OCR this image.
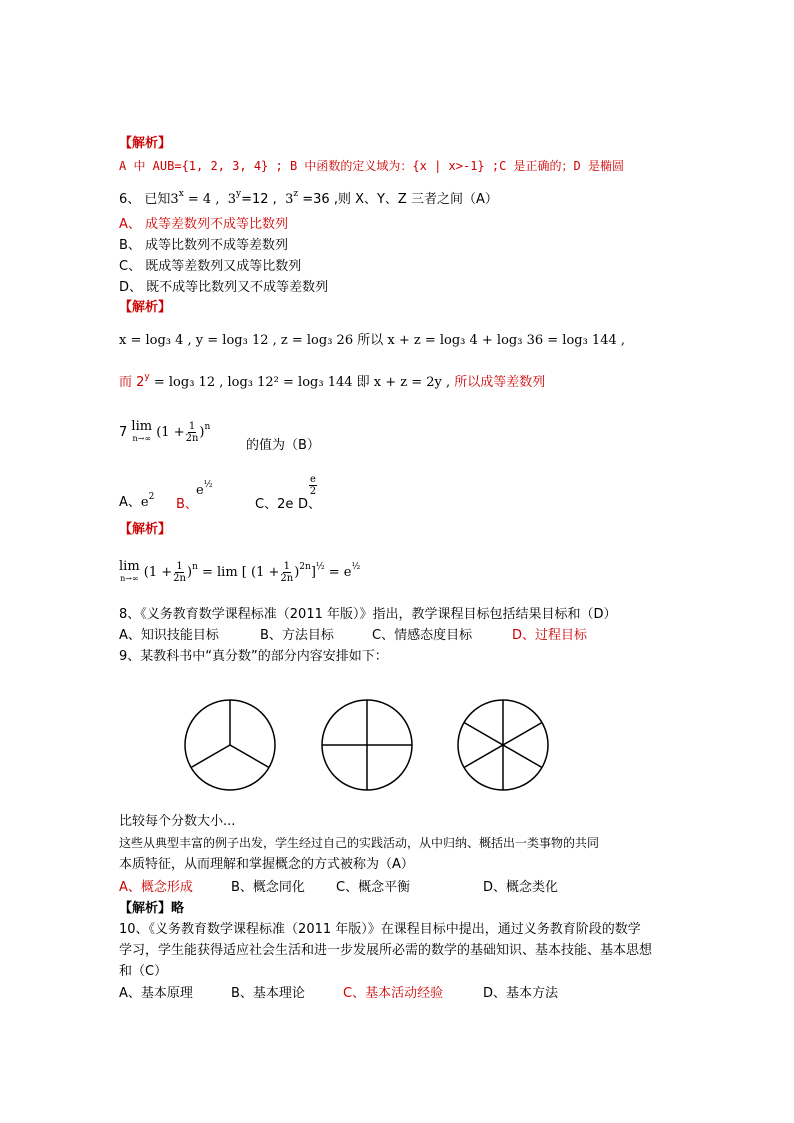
【解析】
A 中 AUB={1, 2, 3, 4} ; B 中函数的定义域为：{x | x>-1} ;C 是正确的；D 是椭圆
6、 已知$3^x = 4$ , $3^y=12$ , $3^z =36$ ,则 X、Y、Z 三者之间（A）
A、 成等差数列不成等比数列
B、 成等比数列不成等差数列
C、 既成等差数列又成等比数列
D、 既不成等比数列又不成等差数列
【解析】
x = log₃ 4 , y = log₃ 12 , z = log₃ 26 所以 x + z = log₃ 4 + log₃ 36 = log₃ 144 ,
而 $2^y = \log_3$ 12 , log₃ 12² = log₃ 144 即 x + z = 2y , 所以成等差数列
7 lim
n→∞ $(1 + \frac{1}{2n} )^n$
的值为（B）
A、$e^2$ B、
$e^{\frac{1}{2}}$
C、2e D、
$\frac{e}{2}$
【解析】
lim
n→∞ $(1 + \frac{1}{2n} )^n = \lim$ [ $(1 + \frac{1}{2n} )^{2n}]^{\frac{1}{2}} = e^{\frac{1}{2}}$
8、《义务教育数学课程标准（2011 年版）》指出，教学课程目标包括结果目标和（D）
A、知识技能目标	B、方法目标	C、情感态度目标	D、过程目标
9、某教科书中“真分数”的部分内容安排如下：
比较每个分数大小...
这些从典型丰富的例子出发，学生经过自己的实践活动，从中归纳、概括出一类事物的共同
本质特征，从而理解和掌握概念的方式被称为（A）
A、概念形成	B、概念同化 C、概念平衡	D、概念类化
【解析】略
10、《义务教育数学课程标准（2011 年版）》在课程目标中提出，通过义务教育阶段的数学
学习，学生能获得适应社会生活和进一步发展所必需的数学的基础知识、基本技能、基本思想
和（C）
A、基本原理	B、基本理论	C、基本活动经验	D、基本方法
